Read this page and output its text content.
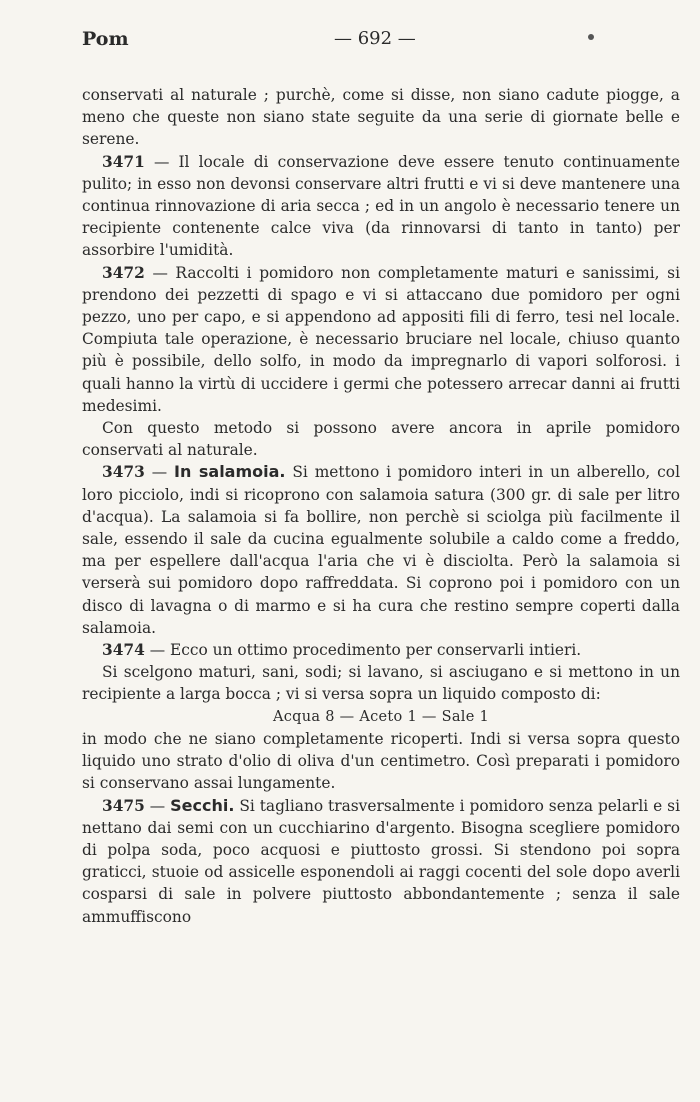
Pom	— 692 —

conservati al naturale ; purchè, come si disse, non siano cadute piogge, a meno che queste non siano state seguite da una serie di giornate belle e serene.

3471 — Il locale di conservazione deve essere tenuto continuamente pulito; in esso non devonsi conservare altri frutti e vi si deve mantenere una continua rinnovazione di aria secca ; ed in un angolo è necessario tenere un recipiente contenente calce viva (da rinnovarsi di tanto in tanto) per assorbire l'umidità.

3472 — Raccolti i pomidoro non completamente maturi e sanissimi, si prendono dei pezzetti di spago e vi si attaccano due pomidoro per ogni pezzo, uno per capo, e si appendono ad appositi fili di ferro, tesi nel locale. Compiuta tale operazione, è necessario bruciare nel locale, chiuso quanto più è possibile, dello solfo, in modo da impregnarlo di vapori solforosi. i quali hanno la virtù di uccidere i germi che potessero arrecar danni ai frutti medesimi.

Con questo metodo si possono avere ancora in aprile pomidoro conservati al naturale.

3473 — In salamoia. Si mettono i pomidoro interi in un alberello, col loro picciolo, indi si ricoprono con salamoia satura (300 gr. di sale per litro d'acqua). La salamoia si fa bollire, non perchè si sciolga più facilmente il sale, essendo il sale da cucina egualmente solubile a caldo come a freddo, ma per espellere dall'acqua l'aria che vi è disciolta. Però la salamoia si verserà sui pomidoro dopo raffreddata. Si coprono poi i pomidoro con un disco di lavagna o di marmo e si ha cura che restino sempre coperti dalla salamoia.

3474 — Ecco un ottimo procedimento per conservarli intieri.

Si scelgono maturi, sani, sodi; si lavano, si asciugano e si mettono in un recipiente a larga bocca ; vi si versa sopra un liquido composto di:

Acqua 8 — Aceto 1 — Sale 1

in modo che ne siano completamente ricoperti. Indi si versa sopra questo liquido uno strato d'olio di oliva d'un centimetro. Così preparati i pomidoro si conservano assai lungamente.

3475 — Secchi. Si tagliano trasversalmente i pomidoro senza pelarli e si nettano dai semi con un cucchiarino d'argento. Bisogna scegliere pomidoro di polpa soda, poco acquosi e piuttosto grossi. Si stendono poi sopra graticci, stuoie od assicelle esponendoli ai raggi cocenti del sole dopo averli cosparsi di sale in polvere piuttosto abbondantemente ; senza il sale ammuffiscono
